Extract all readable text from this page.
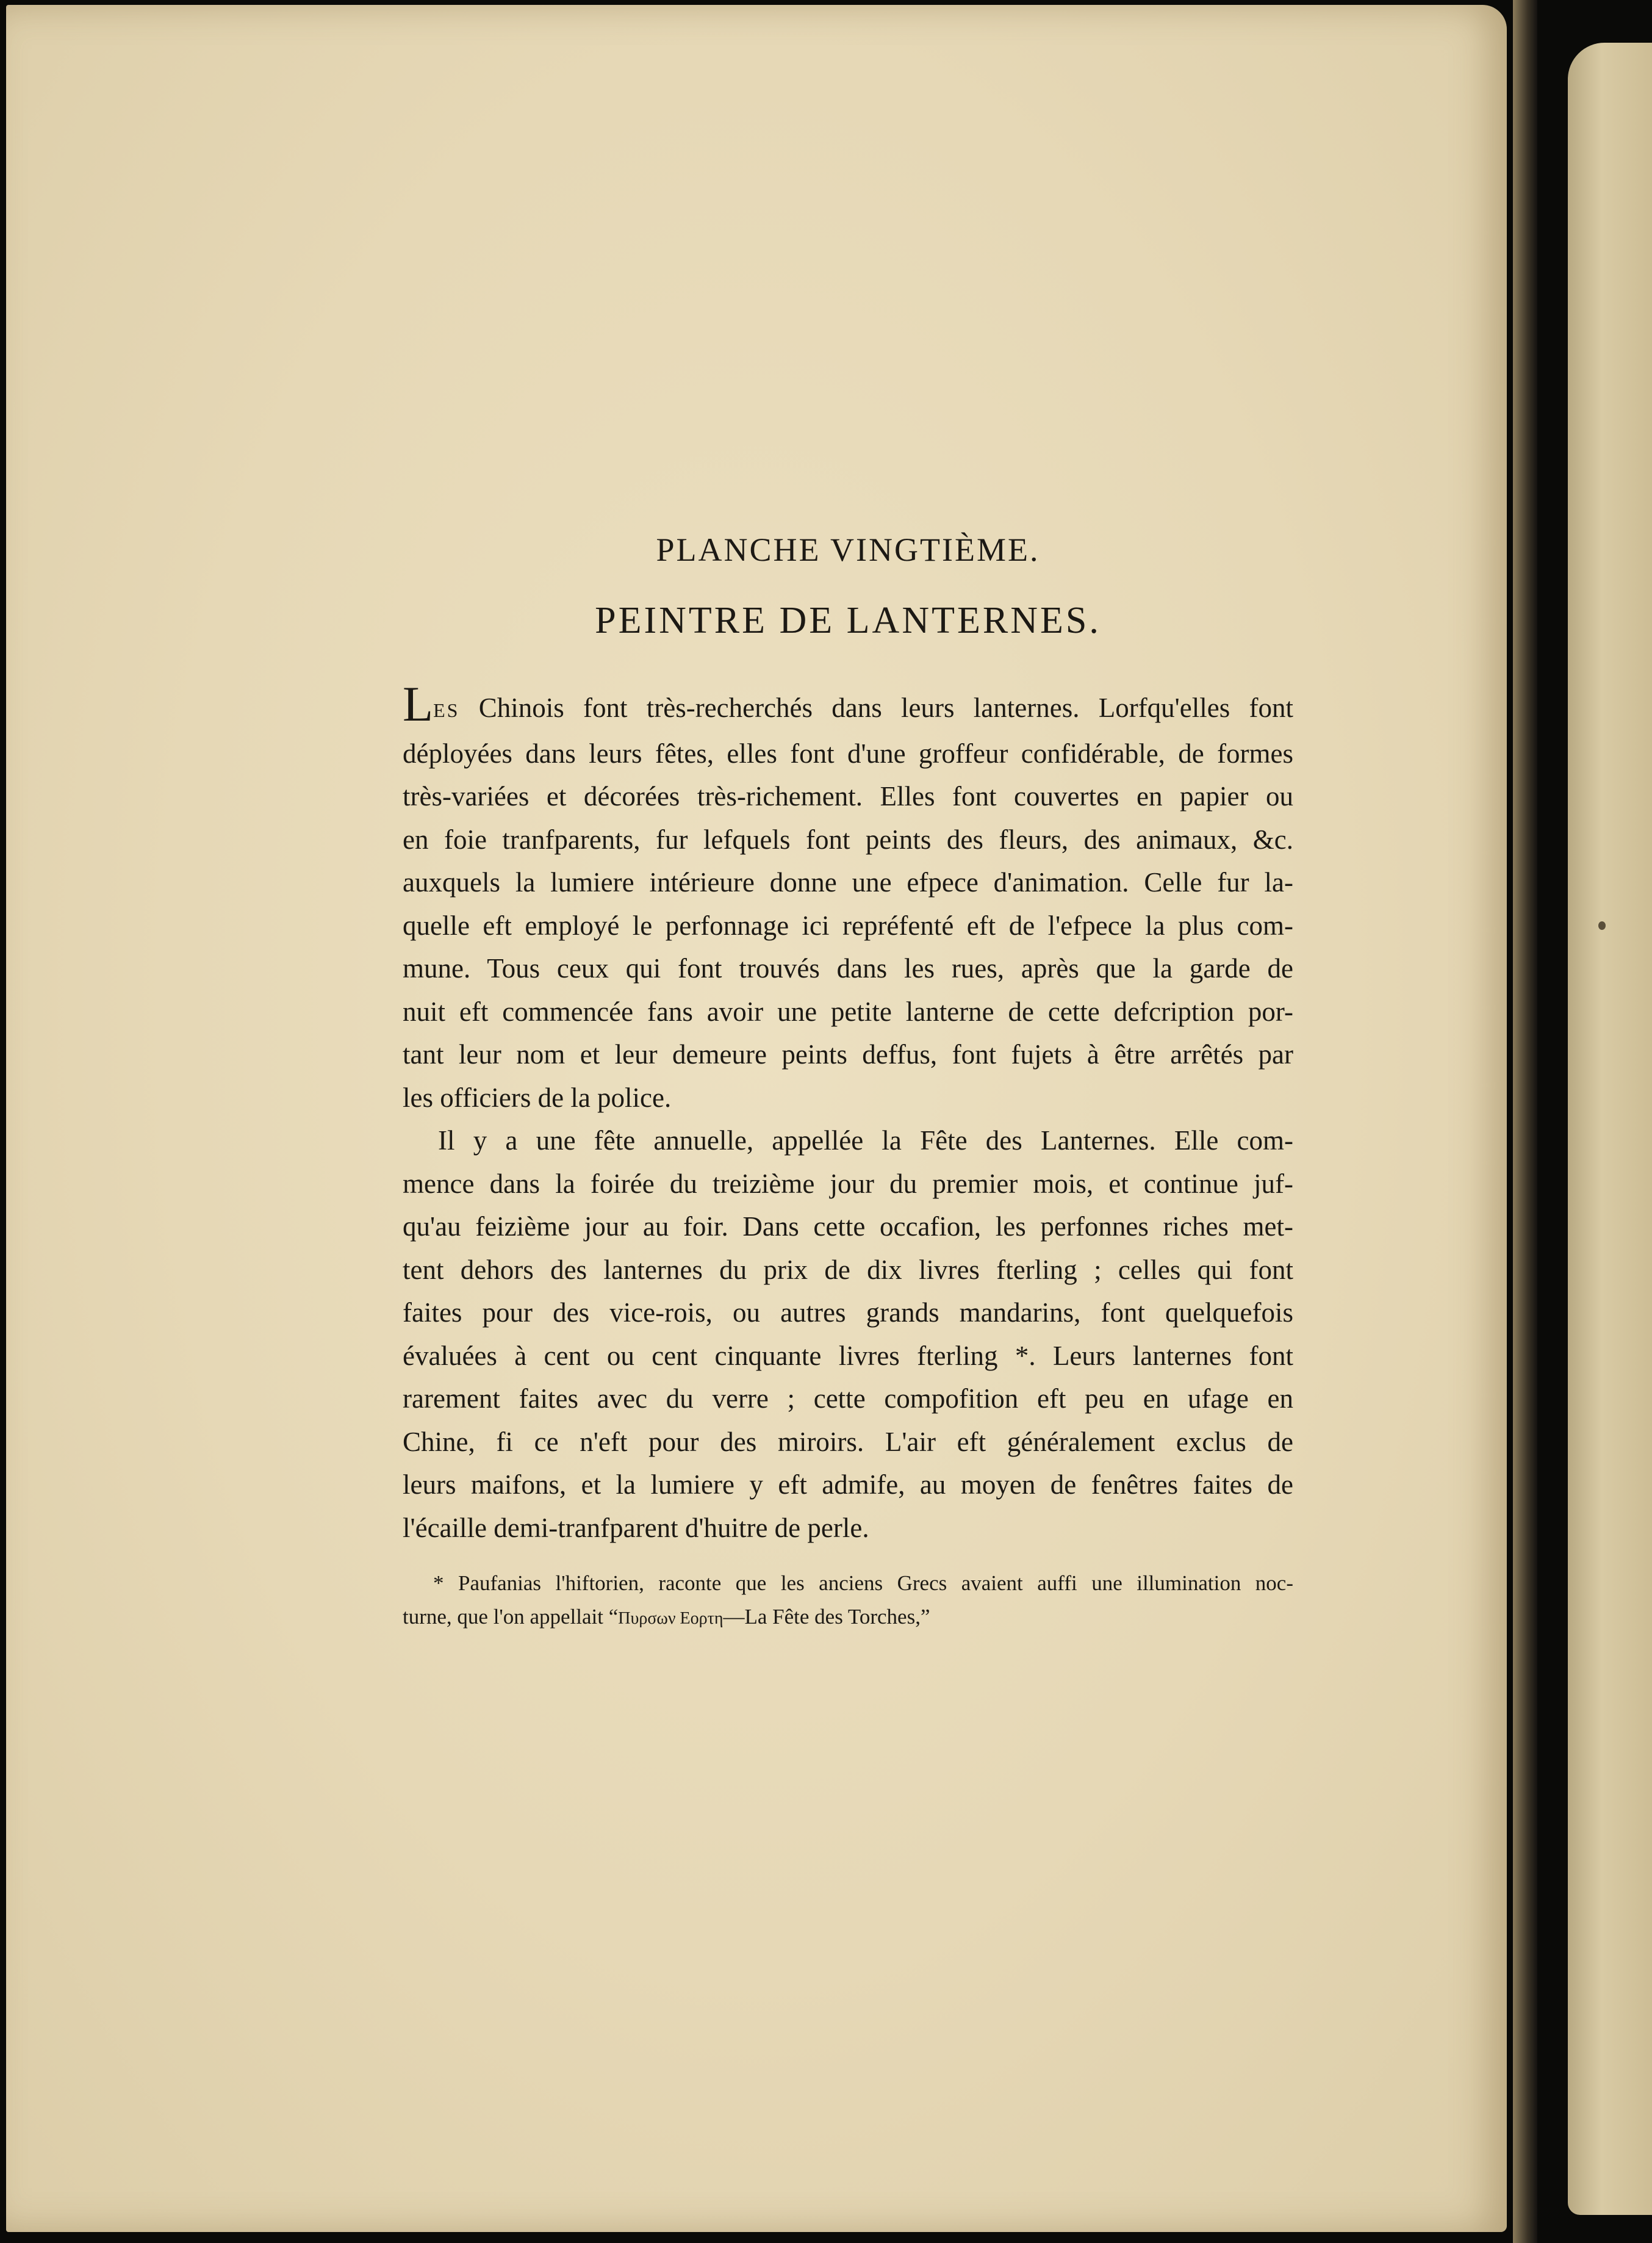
PLANCHE VINGTIÈME.
PEINTRE DE LANTERNES.

LES Chinois font très-recherchés dans leurs lanternes. Lorfqu'elles font
déployées dans leurs fêtes, elles font d'une groffeur confidérable, de formes
très-variées et décorées très-richement. Elles font couvertes en papier ou
en foie tranfparents, fur lefquels font peints des fleurs, des animaux, &c.
auxquels la lumiere intérieure donne une efpece d'animation. Celle fur la-
quelle eft employé le perfonnage ici repréfenté eft de l'efpece la plus com-
mune. Tous ceux qui font trouvés dans les rues, après que la garde de
nuit eft commencée fans avoir une petite lanterne de cette defcription por-
tant leur nom et leur demeure peints deffus, font fujets à être arrêtés par
les officiers de la police.

Il y a une fête annuelle, appellée la Fête des Lanternes. Elle com-
mence dans la foirée du treizième jour du premier mois, et continue juf-
qu'au feizième jour au foir. Dans cette occafion, les perfonnes riches met-
tent dehors des lanternes du prix de dix livres fterling ; celles qui font
faites pour des vice-rois, ou autres grands mandarins, font quelquefois
évaluées à cent ou cent cinquante livres fterling *. Leurs lanternes font
rarement faites avec du verre ; cette compofition eft peu en ufage en
Chine, fi ce n'eft pour des miroirs. L'air eft généralement exclus de
leurs maifons, et la lumiere y eft admife, au moyen de fenêtres faites de
l'écaille demi-tranfparent d'huitre de perle.

* Paufanias l'hiftorien, raconte que les anciens Grecs avaient auffi une illumination noc-
turne, que l'on appellait “Πυρσων Εορτη—La Fête des Torches,”
